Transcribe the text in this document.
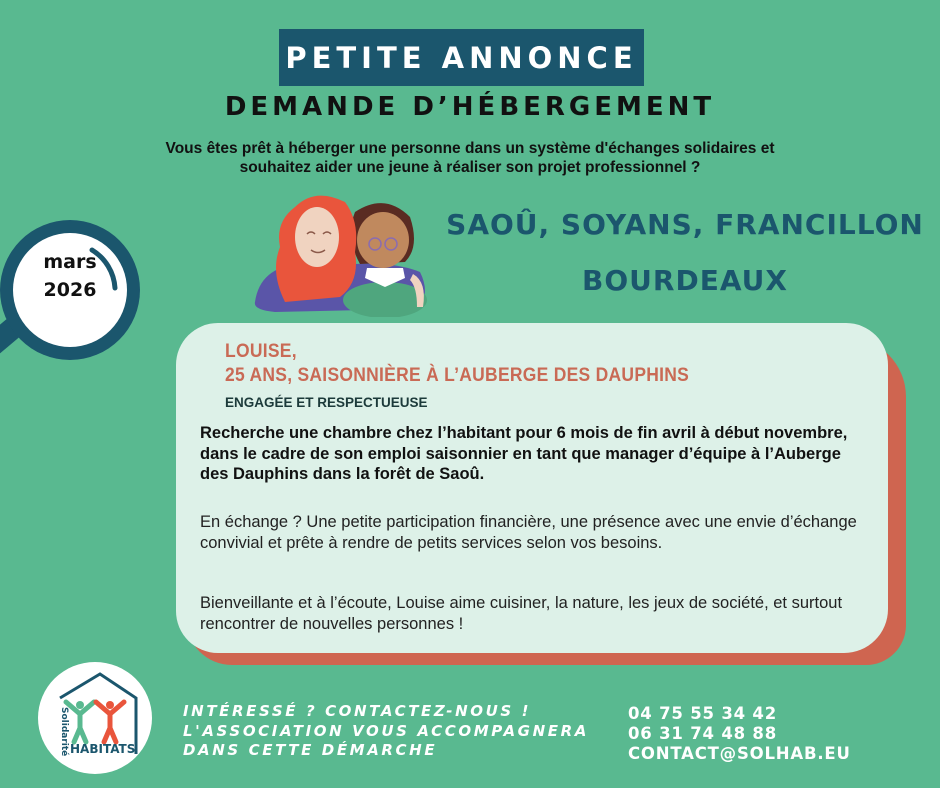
PETITE ANNONCE
DEMANDE D’HÉBERGEMENT
Vous êtes prêt à héberger une personne dans un système d'échanges solidaires et
souhaitez aider une jeune à réaliser son projet professionnel ?
mars
2026
SAOÛ, SOYANS, FRANCILLON
BOURDEAUX
LOUISE,
25 ANS, SAISONNIÈRE À L’AUBERGE DES DAUPHINS
ENGAGÉE ET RESPECTUEUSE
Recherche une chambre chez l’habitant pour 6 mois de fin avril à début novembre, dans le cadre de son emploi saisonnier en tant que manager d’équipe à l’Auberge des Dauphins dans la forêt de Saoû.
En échange ? Une petite participation financière, une présence avec une envie d’échange convivial et prête à rendre de petits services selon vos besoins.
Bienveillante et à l’écoute, Louise aime cuisiner, la nature, les jeux de société, et surtout rencontrer de nouvelles personnes !
Solidarité HABITATS
INTÉRESSÉ ? CONTACTEZ-NOUS !
L'ASSOCIATION VOUS ACCOMPAGNERA
DANS CETTE DÉMARCHE
04 75 55 34 42
06 31 74 48 88
CONTACT@SOLHAB.EU
